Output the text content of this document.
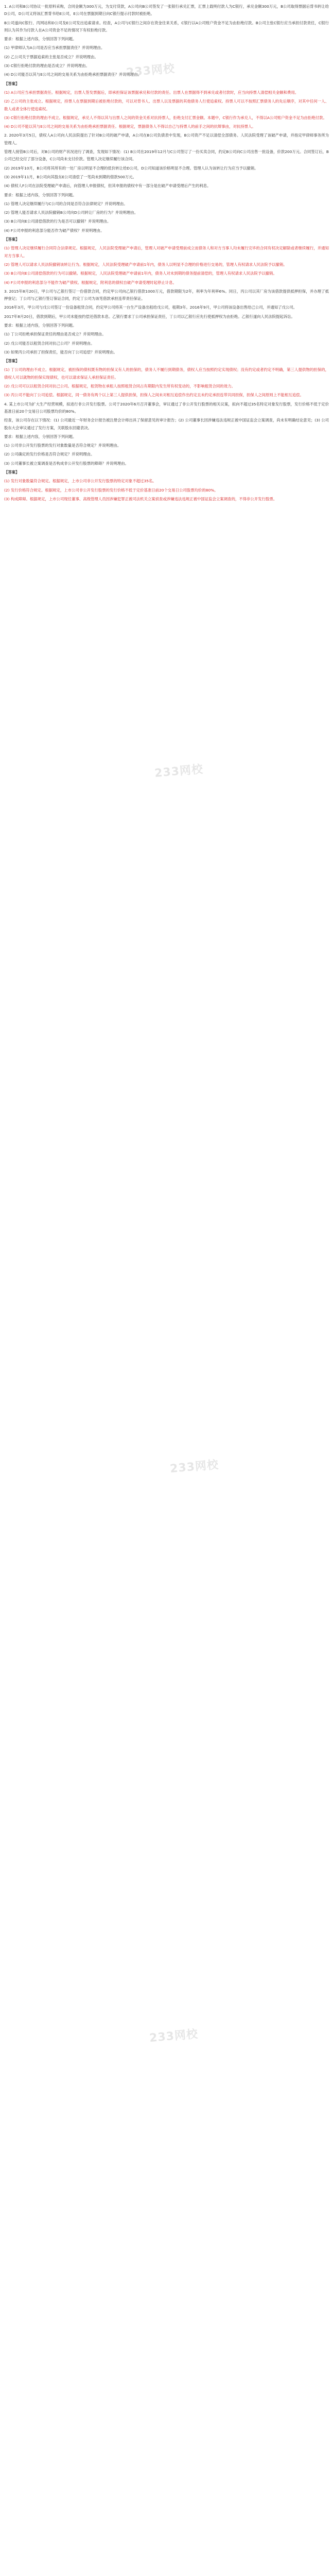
1. A公司和B公司协议一批原料采购，合同金额为300万元，为支付货款，A公司向B公司签发了一张银行承兑汇票，汇票上载明付款人为C银行，承兑金额300万元，B公司取得票据后背书转让给D公司，D公司又将该汇票背书给E公司，E公司在票据到期日向C银行提示付款时被拒绝。

B公司遂向C银行、丙网站和D公司及E公司发出追索请求。经查，A公司与C银行之间存在资金往来关系，C银行以A公司账户资金不足为由拒绝付款。B公司主张C银行应当承担付款责任，C银行则认为其作为付款人在A公司资金不足的情况下有权拒绝付款。

要求：根据上述内容，分别回答下列问题。

(1) 甲律师认为A公司是否应当承担票据责任？并说明理由。

(2) 乙公司关于票据追索的主张是否成立？并说明理由。

(3) C银行拒绝付款的理由是否成立？并说明理由。

(4) D公司能否以其与E公司之间的交易关系为由拒绝承担票据责任？并说明理由。

【答案】

(1) A公司应当承担票据责任。根据规定，出票人签发票据后，即承担保证该票据承兑和付款的责任。出票人在票据得不到承兑或者付款时，应当向持票人清偿相关金额和费用。

(2) 乙公司的主张成立。根据规定，持票人在票据到期后被拒绝付款的，可以对背书人、出票人以及票据的其他债务人行使追索权。持票人可以不按照汇票债务人的先后顺序，对其中任何一人、数人或者全体行使追索权。

(3) C银行拒绝付款的理由不成立。根据规定，承兑人不得以其与出票人之间的资金关系对抗持票人，拒绝支付汇票金额。本题中，C银行作为承兑人，不得以A公司账户资金不足为由拒绝付款。

(4) D公司不能以其与E公司之间的交易关系为由拒绝承担票据责任。根据规定，票据债务人不得以自己与持票人的前手之间的抗辩事由，对抗持票人。

2. 2020年3月5日，债权人A公司向人民法院提出了针对B公司的破产申请，A公司在B公司负债表中发现，B公司资产不足以清偿全部债务。人民法院受理了该破产申请，并指定甲律师事务所为管理人。

管理人接管B公司后，对B公司的财产状况进行了调查，发现如下情况：(1) B公司在2019年12月与C公司签订了一份买卖合同，约定B公司向C公司出售一批设备，价款200万元。合同签订后，B公司已经交付了部分设备，C公司尚未支付价款。管理人决定继续履行该合同。

(2) 2019年10月，B公司将其所有的一处厂房以明显不合理的低价转让给D公司，D公司知道该价格明显不合理。管理人认为该转让行为应当予以撤销。

(3) 2019年11月，B公司向其股东E公司清偿了一笔尚未到期的借款500万元。

(4) 债权人F公司在法院受理破产申请后，向管理人申报债权，但其申报的债权中有一部分是在破产申请受理后产生的利息。

要求：根据上述内容，分别回答下列问题。

(1) 管理人决定继续履行与C公司的合同是否符合法律规定？并说明理由。

(2) 管理人能否请求人民法院撤销B公司向D公司转让厂房的行为？并说明理由。

(3) B公司向E公司清偿借款的行为是否可以撤销？并说明理由。

(4) F公司申报的利息部分能否作为破产债权？并说明理由。

【答案】

(1) 管理人决定继续履行合同符合法律规定。根据规定，人民法院受理破产申请后，管理人对破产申请受理前成立而债务人和对方当事人均未履行完毕的合同有权决定解除或者继续履行，并通知对方当事人。

(2) 管理人可以请求人民法院撤销该转让行为。根据规定，人民法院受理破产申请前1年内，债务人以明显不合理的价格进行交易的，管理人有权请求人民法院予以撤销。

(3) B公司向E公司清偿借款的行为可以撤销。根据规定，人民法院受理破产申请前1年内，债务人对未到期的债务提前清偿的，管理人有权请求人民法院予以撤销。

(4) F公司申报的利息部分不能作为破产债权。根据规定，附利息的债权自破产申请受理时起停止计息。

3. 2015年8月20日，甲公司与乙银行签订一份借款合同，约定甲公司向乙银行借款1000万元，借款期限为2年，利率为年利率6%。同日，丙公司以其厂房为该借款提供抵押担保，并办理了抵押登记；丁公司与乙银行签订保证合同，约定丁公司为该笔借款承担连带责任保证。

2016年3月，甲公司与戊公司签订一份设备租赁合同，约定甲公司将其一台生产设备出租给戊公司，租期3年。2016年9月，甲公司将该设备出售给己公司，并通知了戊公司。

2017年8月20日，借款到期后，甲公司未能按约偿还借款本息。乙银行要求丁公司承担保证责任，丁公司以乙银行应先行使抵押权为由拒绝。乙银行遂向人民法院提起诉讼。

要求：根据上述内容，分别回答下列问题。

(1) 丁公司拒绝承担保证责任的理由是否成立？并说明理由。

(2) 戊公司能否以租赁合同对抗己公司？并说明理由。

(3) 如果丙公司承担了担保责任，能否向丁公司追偿？并说明理由。

【答案】

(1) 丁公司的理由不成立。根据规定，被担保的债权既有物的担保又有人的担保的，债务人不履行到期债务，债权人应当按照约定实现债权；没有约定或者约定不明确，第三人提供物的担保的，债权人可以就物的担保实现债权，也可以请求保证人承担保证责任。

(2) 戊公司可以以租赁合同对抗己公司。根据规定，租赁物在承租人按照租赁合同占有期限内发生所有权变动的，不影响租赁合同的效力。

(3) 丙公司不能向丁公司追偿。根据规定，同一债务有两个以上第三人提供担保，担保人之间未对相互追偿作出约定且未约定承担连带共同担保，担保人之间原则上不能相互追偿。

4. 某上市公司为扩大生产经营规模，拟进行非公开发行股票。公司于2020年6月召开董事会，审议通过了非公开发行股票的相关议案，拟向不超过35名特定对象发行股票，发行价格不低于定价基准日前20个交易日公司股票均价的80%。

经查，该公司存在以下情况：(1) 公司最近一年财务会计报告被注册会计师出具了保留意见的审计报告；(2) 公司董事长因涉嫌违法违规正被中国证监会立案调查，尚未有明确结论意见；(3) 公司股东大会审议通过了发行方案，关联股东回避表决。

要求：根据上述内容，分别回答下列问题。

(1) 公司非公开发行股票的发行对象数量是否符合规定？并说明理由。

(2) 公司确定的发行价格是否符合规定？并说明理由。

(3) 公司董事长被立案调查是否构成非公开发行股票的障碍？并说明理由。

【答案】

(1) 发行对象数量符合规定。根据规定，上市公司非公开发行股票的特定对象不超过35名。

(2) 发行价格符合规定。根据规定，上市公司非公开发行股票的发行价格不低于定价基准日前20个交易日公司股票均价的80%。

(3) 构成障碍。根据规定，上市公司现任董事、高级管理人员因涉嫌犯罪正被司法机关立案侦查或涉嫌违法违规正被中国证监会立案调查的，不得非公开发行股票。

233网校
233网校
233网校
233网校
